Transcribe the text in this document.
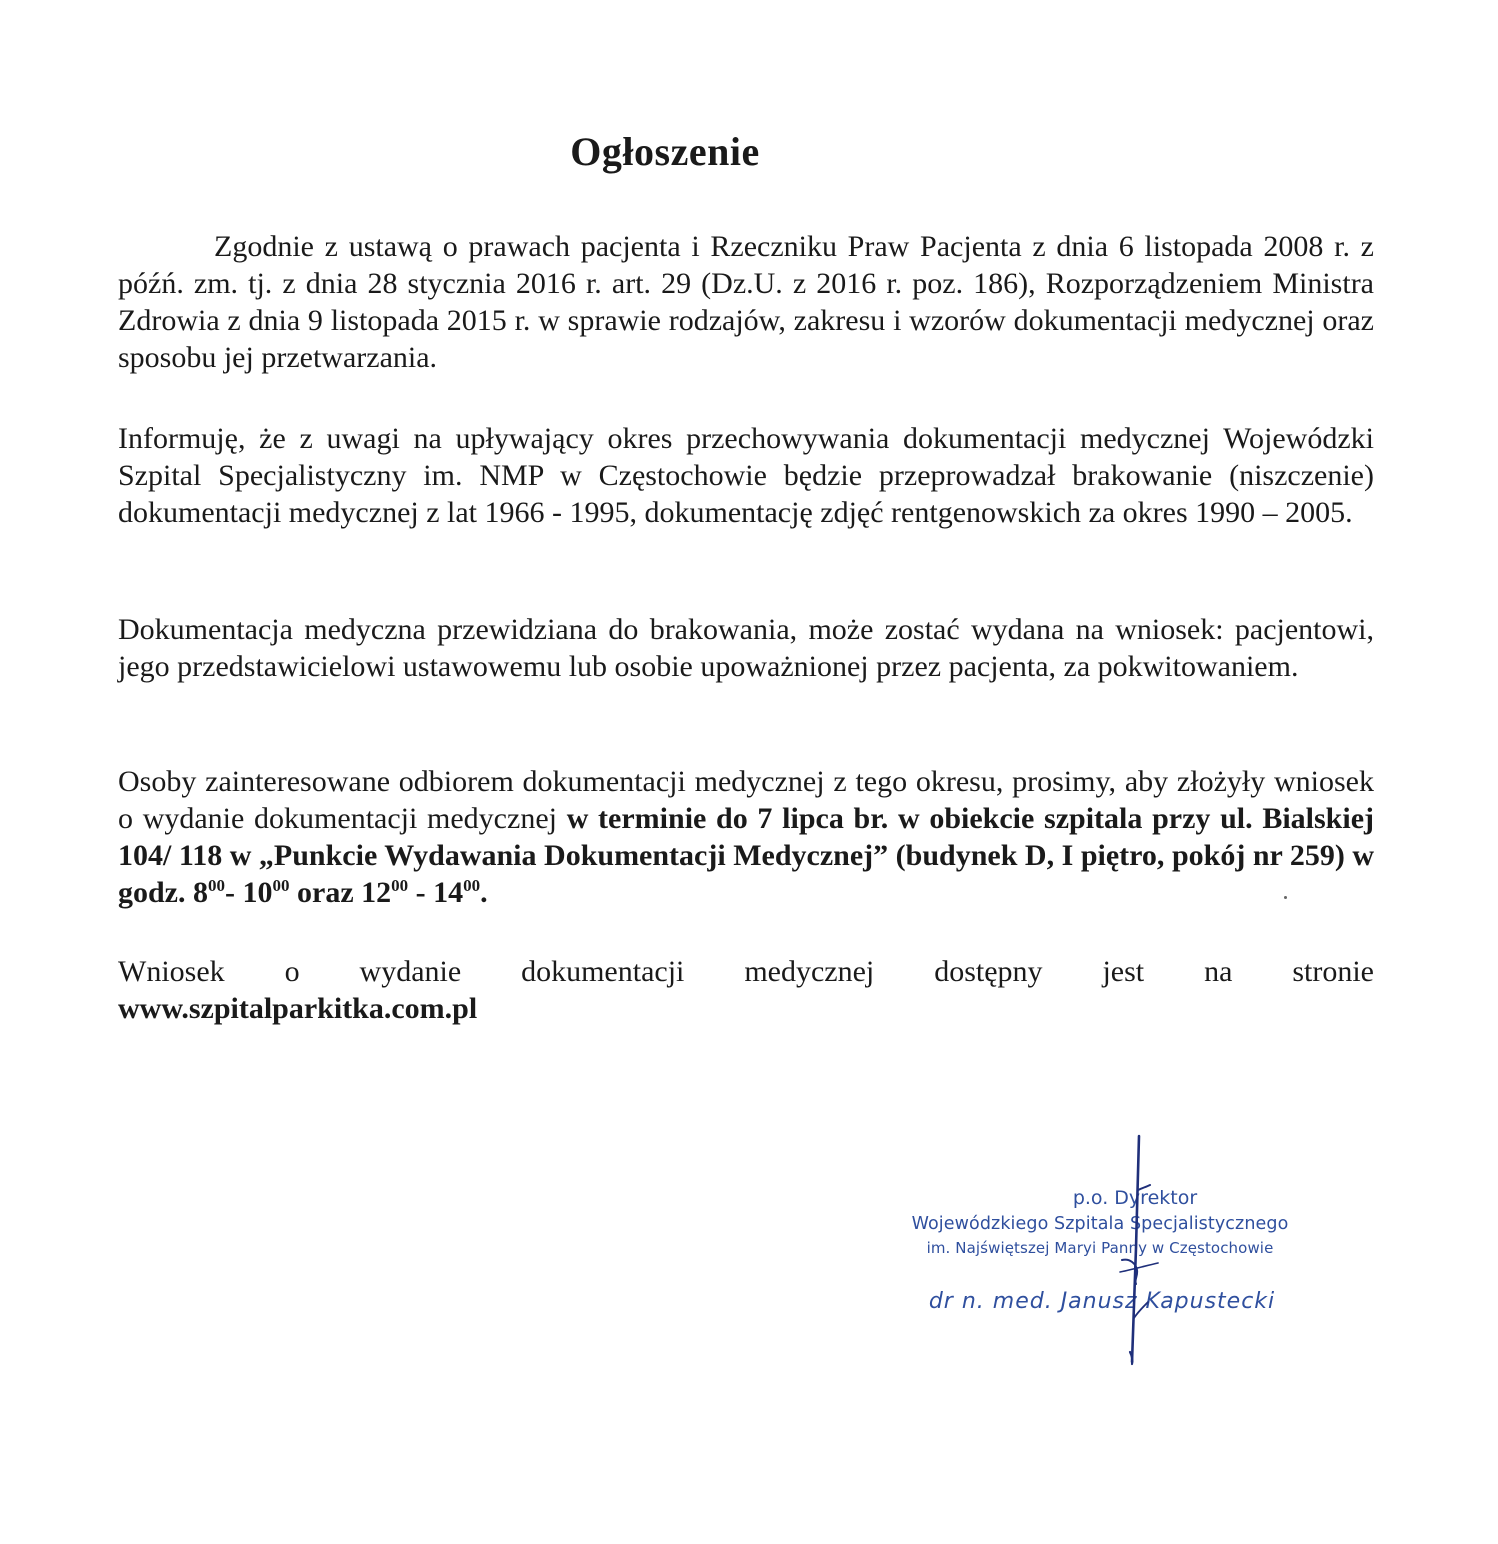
Ogłoszenie
Zgodnie z ustawą o prawach pacjenta i Rzeczniku Praw Pacjenta z dnia 6 listopada 2008 r. z późń. zm. tj. z dnia 28 stycznia 2016 r. art. 29 (Dz.U. z 2016 r. poz. 186), Rozporządzeniem Ministra Zdrowia z dnia 9 listopada 2015 r. w sprawie rodzajów, zakresu i wzorów dokumentacji medycznej oraz sposobu jej przetwarzania.
Informuję, że z uwagi na upływający okres przechowywania dokumentacji medycznej Wojewódzki Szpital Specjalistyczny im. NMP w Częstochowie będzie przeprowadzał brakowanie (niszczenie) dokumentacji medycznej z lat 1966 - 1995, dokumentację zdjęć rentgenowskich za okres 1990 – 2005.
Dokumentacja medyczna przewidziana do brakowania, może zostać wydana na wniosek: pacjentowi, jego przedstawicielowi ustawowemu lub osobie upoważnionej przez pacjenta, za pokwitowaniem.
Osoby zainteresowane odbiorem dokumentacji medycznej z tego okresu, prosimy, aby złożyły wniosek o wydanie dokumentacji medycznej w terminie do 7 lipca br. w obiekcie szpitala przy ul. Bialskiej 104/ 118 w „Punkcie Wydawania Dokumentacji Medycznej” (budynek D, I piętro, pokój nr 259) w godz. $8^{00}-$ $10^{00}$ oraz $12^{00} - 14^{00}$.
Wniosek o wydanie dokumentacji medycznej dostępny jest na stronie
www.szpitalparkitka.com.pl
p.o. Dyrektor
Wojewódzkiego Szpitala Specjalistycznego
im. Najświętszej Maryi Panny w Częstochowie
dr n. med. Janusz Kapustecki
